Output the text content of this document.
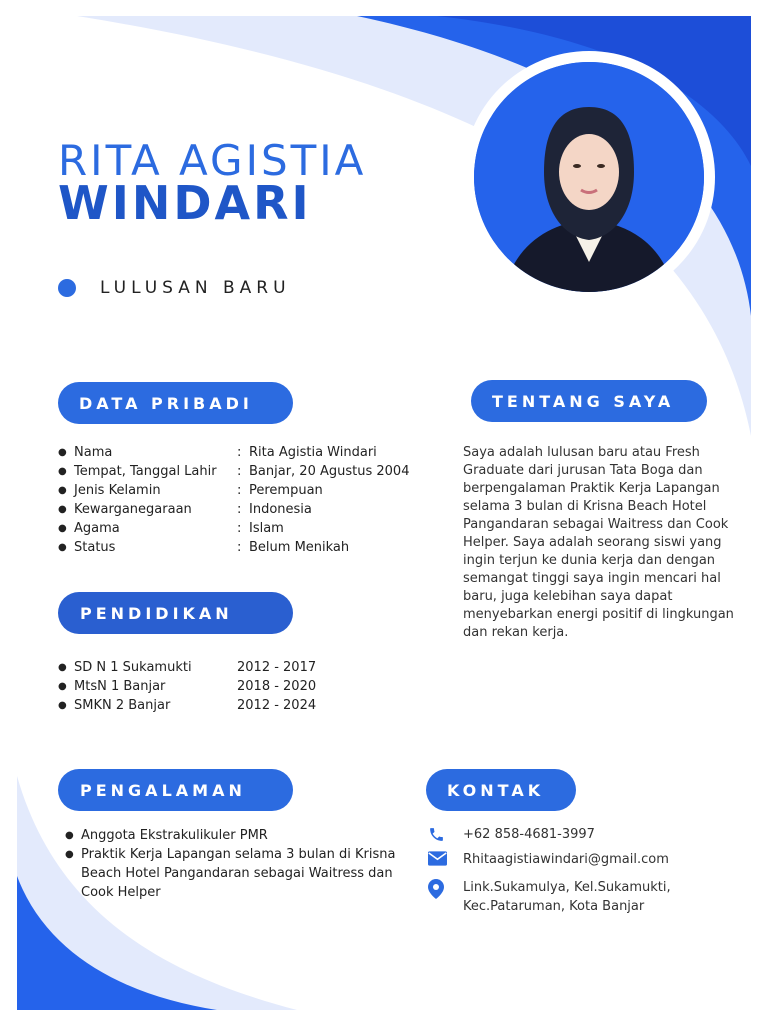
RITA AGISTIA
WINDARI
LULUSAN BARU
DATA PRIBADI
● Nama	: Rita Agistia Windari
● Tempat, Tanggal Lahir	: Banjar, 20 Agustus 2004
● Jenis Kelamin	: Perempuan
● Kewarganegaraan	: Indonesia
● Agama	: Islam
● Status	: Belum Menikah
TENTANG SAYA
Saya adalah lulusan baru atau Fresh Graduate dari jurusan Tata Boga dan berpengalaman Praktik Kerja Lapangan selama 3 bulan di Krisna Beach Hotel Pangandaran sebagai Waitress dan Cook Helper. Saya adalah seorang siswi yang ingin terjun ke dunia kerja dan dengan semangat tinggi saya ingin mencari hal baru, juga kelebihan saya dapat menyebarkan energi positif di lingkungan dan rekan kerja.
PENDIDIKAN
● SD N 1 Sukamukti	2012 - 2017
● MtsN 1 Banjar	2018 - 2020
● SMKN 2 Banjar	2012 - 2024
PENGALAMAN
● Anggota Ekstrakulikuler PMR
● Praktik Kerja Lapangan selama 3 bulan di Krisna Beach Hotel Pangandaran sebagai Waitress dan Cook Helper
KONTAK
+62 858-4681-3997
Rhitaagistiawindari@gmail.com
Link.Sukamulya, Kel.Sukamukti,
Kec.Pataruman, Kota Banjar
